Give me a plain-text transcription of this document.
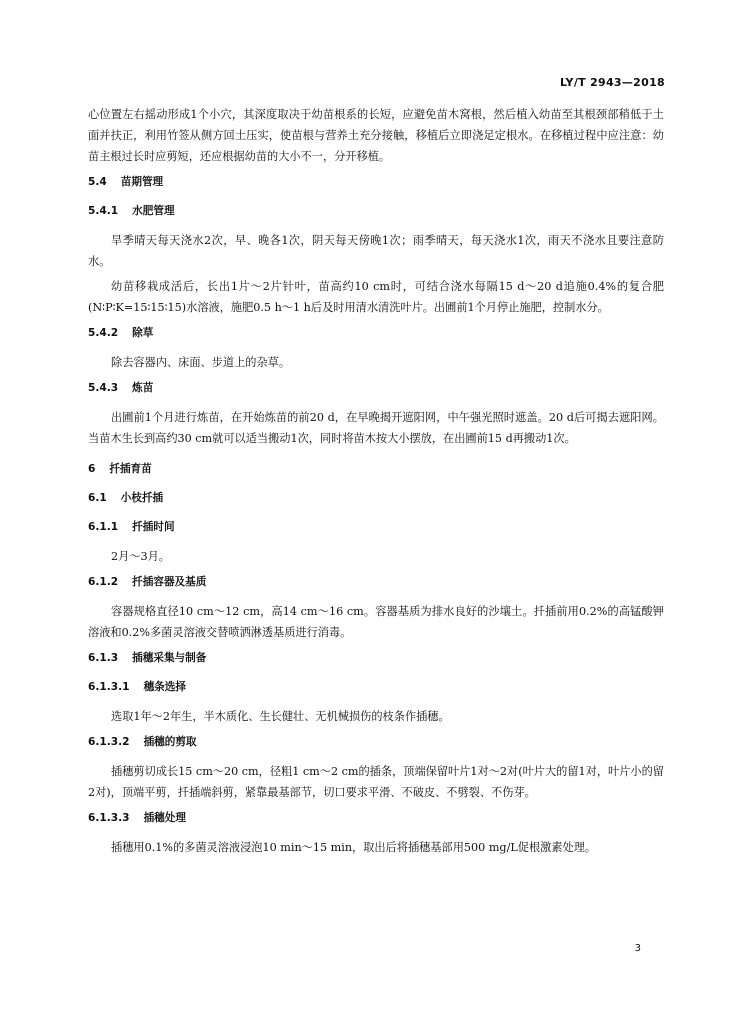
LY/T 2943—2018

心位置左右摇动形成1个小穴，其深度取决于幼苗根系的长短，应避免苗木窝根，然后植入幼苗至其根颈部稍低于土面并扶正，利用竹签从侧方回土压实，使苗根与营养土充分接触，移植后立即浇足定根水。在移植过程中应注意：幼苗主根过长时应剪短，还应根据幼苗的大小不一，分开移植。

5.4 苗期管理
5.4.1 水肥管理

旱季晴天每天浇水2次，早、晚各1次，阴天每天傍晚1次；雨季晴天，每天浇水1次，雨天不浇水且要注意防水。

幼苗移栽成活后，长出1片～2片针叶，苗高约10 cm时，可结合浇水每隔15 d～20 d追施0.4%的复合肥(N∶P∶K=15∶15∶15)水溶液，施肥0.5 h～1 h后及时用清水清洗叶片。出圃前1个月停止施肥，控制水分。

5.4.2 除草

除去容器内、床面、步道上的杂草。

5.4.3 炼苗

出圃前1个月进行炼苗，在开始炼苗的前20 d，在早晚揭开遮阳网，中午强光照时遮盖。20 d后可揭去遮阳网。当苗木生长到高约30 cm就可以适当搬动1次，同时将苗木按大小摆放，在出圃前15 d再搬动1次。

6 扦插育苗
6.1 小枝扦插
6.1.1 扦插时间

2月～3月。

6.1.2 扦插容器及基质

容器规格直径10 cm～12 cm，高14 cm～16 cm。容器基质为排水良好的沙壤土。扦插前用0.2%的高锰酸钾溶液和0.2%多菌灵溶液交替喷洒淋透基质进行消毒。

6.1.3 插穗采集与制备
6.1.3.1 穗条选择

选取1年～2年生，半木质化、生长健壮、无机械损伤的枝条作插穗。

6.1.3.2 插穗的剪取

插穗剪切成长15 cm～20 cm，径粗1 cm～2 cm的插条，顶端保留叶片1对～2对(叶片大的留1对，叶片小的留2对)，顶端平剪，扦插端斜剪，紧靠最基部节，切口要求平滑、不破皮、不劈裂、不伤芽。

6.1.3.3 插穗处理

插穗用0.1%的多菌灵溶液浸泡10 min～15 min，取出后将插穗基部用500 mg/L促根激素处理。

3
